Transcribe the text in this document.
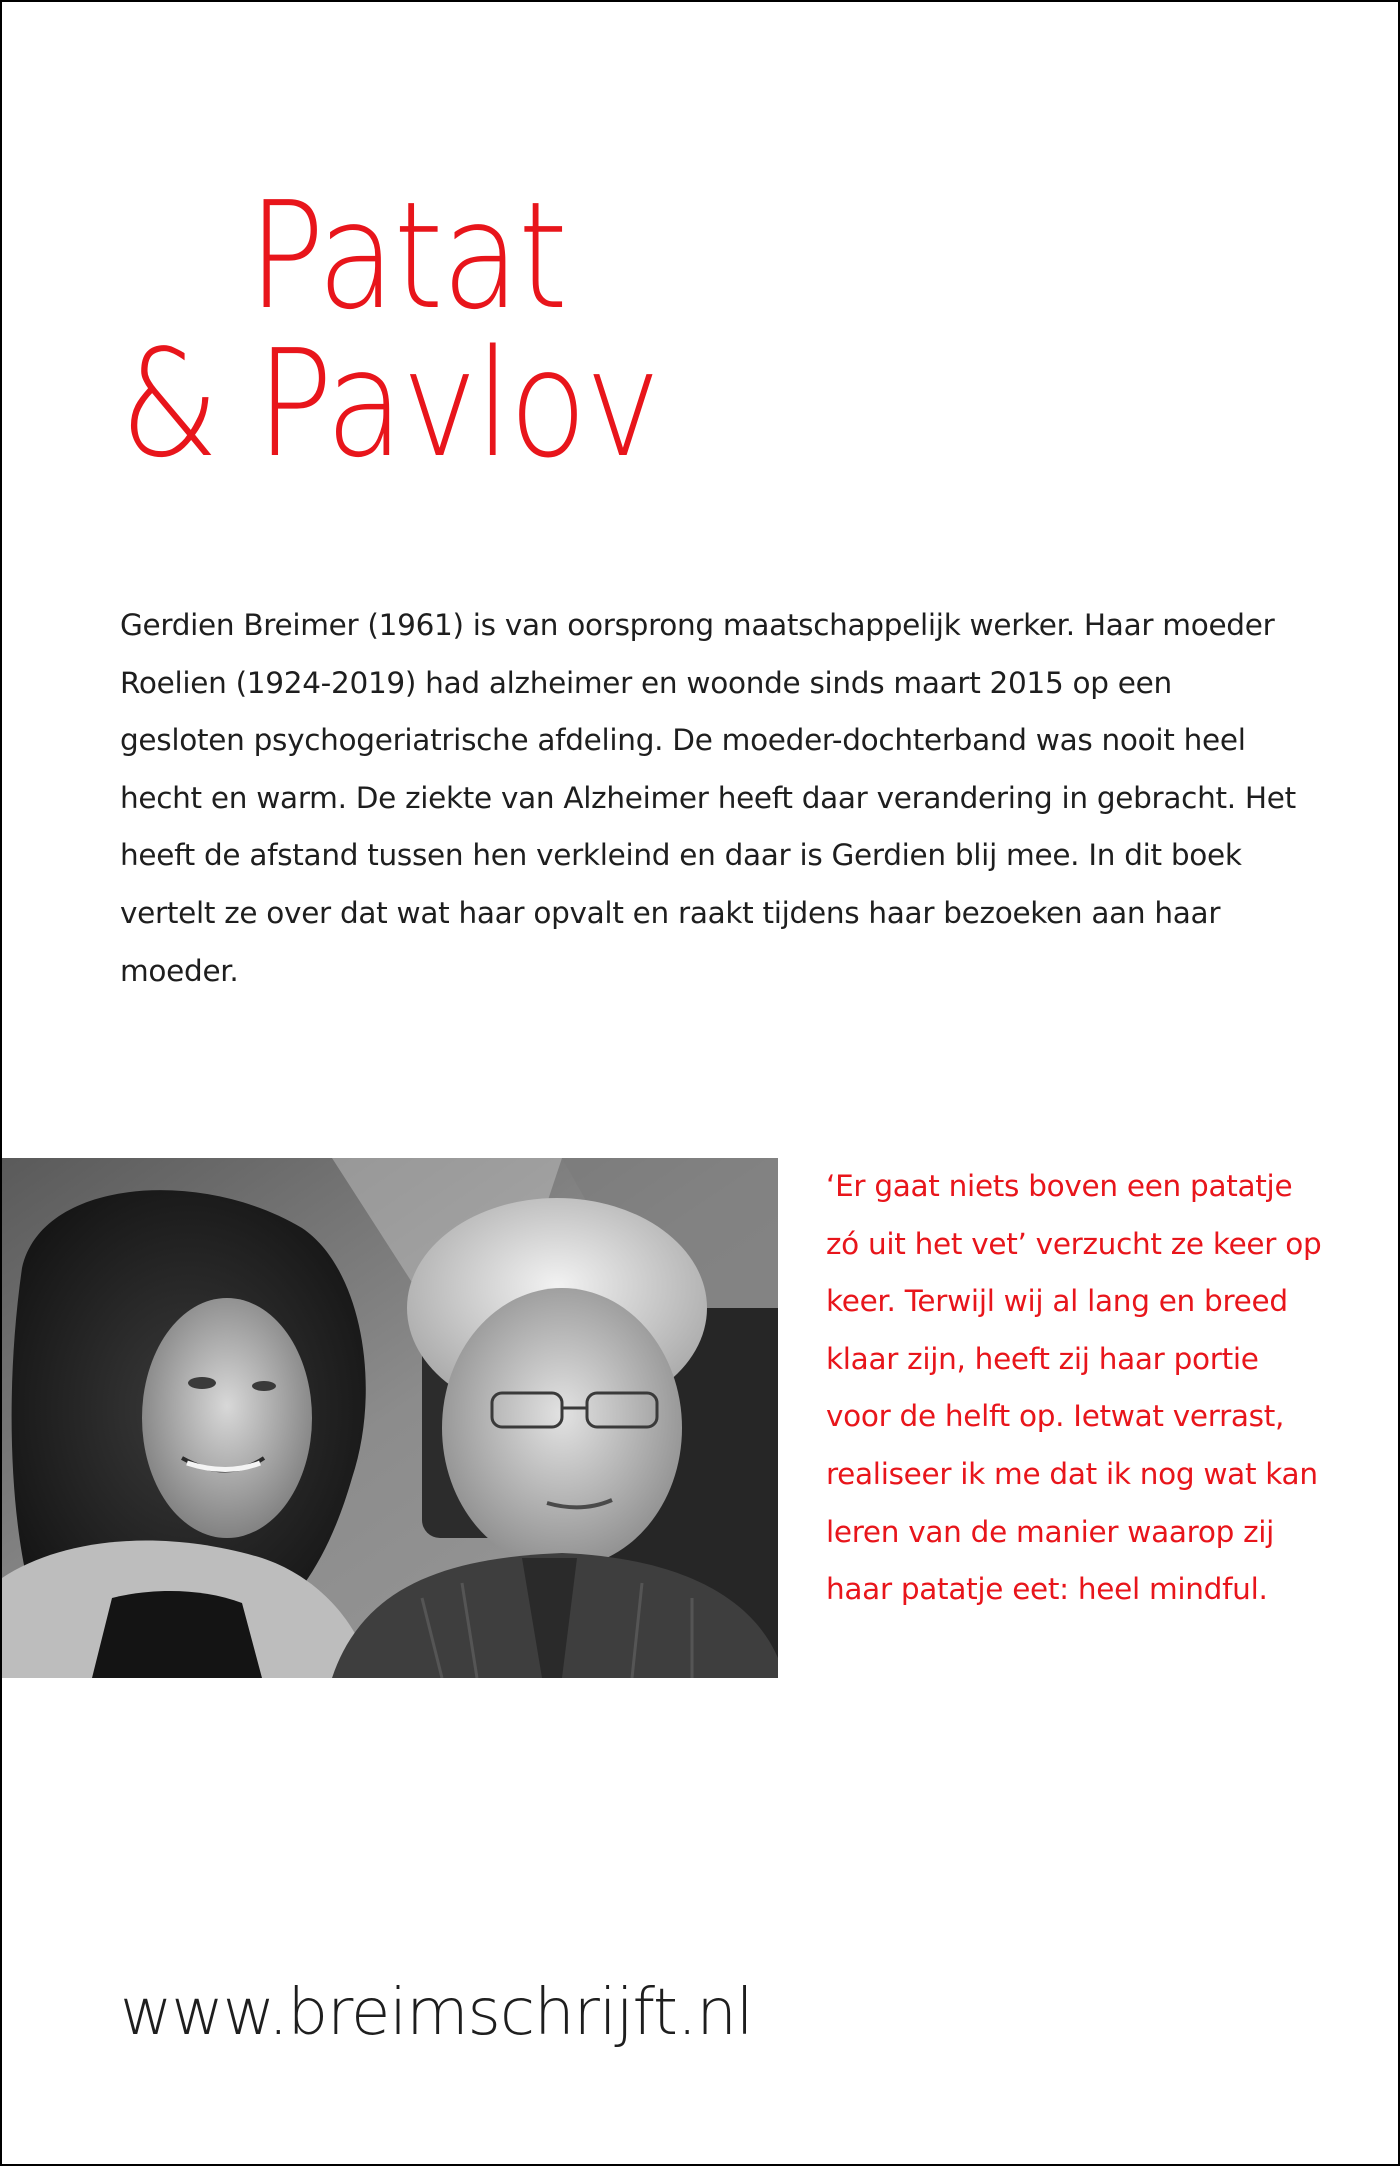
Patat
& Pavlov

Gerdien Breimer (1961) is van oorsprong maatschappelijk werker. Haar moeder Roelien (1924-2019) had alzheimer en woonde sinds maart 2015 op een gesloten psychogeriatrische afdeling. De moeder-dochterband was nooit heel hecht en warm. De ziekte van Alzheimer heeft daar verandering in gebracht. Het heeft de afstand tussen hen verkleind en daar is Gerdien blij mee. In dit boek vertelt ze over dat wat haar opvalt en raakt tijdens haar bezoeken aan haar moeder.

‘Er gaat niets boven een patatje zó uit het vet’ verzucht ze keer op keer. Terwijl wij al lang en breed klaar zijn, heeft zij haar portie voor de helft op. Ietwat verrast, realiseer ik me dat ik nog wat kan leren van de manier waarop zij haar patatje eet: heel mindful.

www.breimschrijft.nl
